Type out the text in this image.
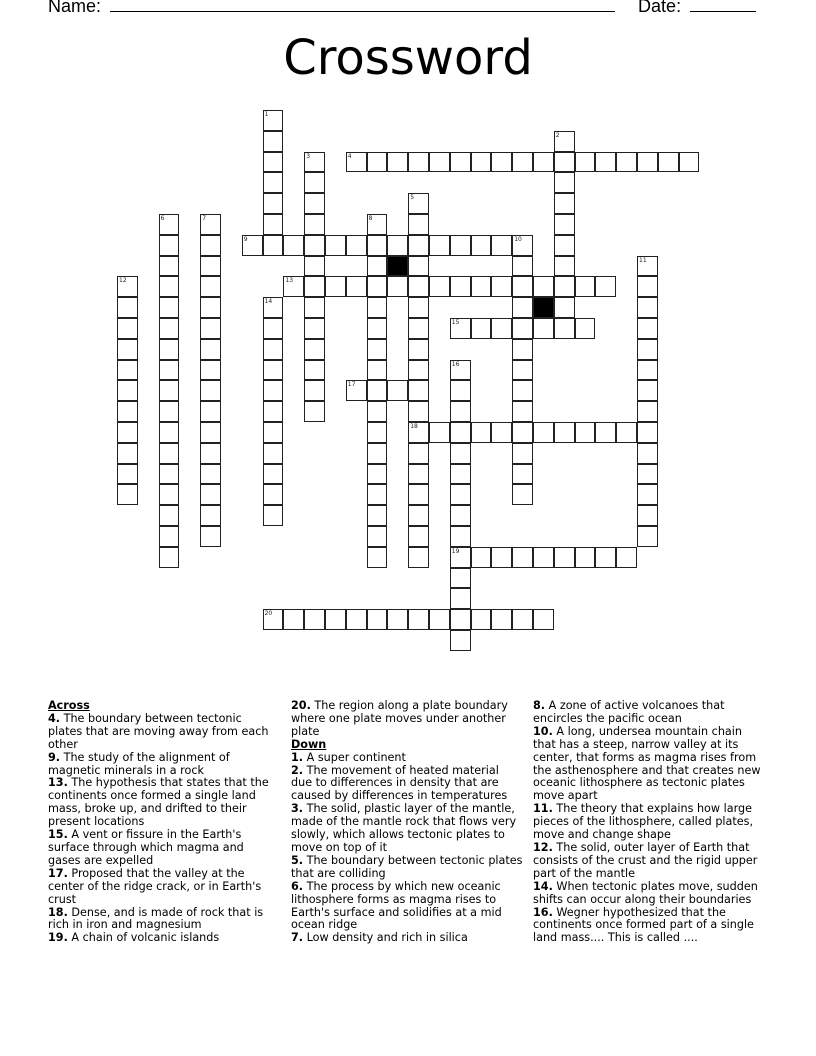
Name:	Date:
Crossword
1
2
3	4
5
18
6	7	8
9	10
11
12	13
14
15
16
19
17
20
Across
4. The boundary between tectonic plates that are moving away from each other
9. The study of the alignment of magnetic minerals in a rock
13. The hypothesis that states that the continents once formed a single land mass, broke up, and drifted to their present locations
15. A vent or fissure in the Earth's surface through which magma and gases are expelled
17. Proposed that the valley at the center of the ridge crack, or in Earth's crust
18. Dense, and is made of rock that is rich in iron and magnesium
19. A chain of volcanic islands
20. The region along a plate boundary where one plate moves under another plate
Down
1. A super continent
2. The movement of heated material due to differences in density that are caused by differences in temperatures
3. The solid, plastic layer of the mantle, made of the mantle rock that flows very slowly, which allows tectonic plates to move on top of it
5. The boundary between tectonic plates that are colliding
6. The process by which new oceanic lithosphere forms as magma rises to Earth's surface and solidifies at a mid ocean ridge
7. Low density and rich in silica
8. A zone of active volcanoes that encircles the pacific ocean
10. A long, undersea mountain chain that has a steep, narrow valley at its center, that forms as magma rises from the asthenosphere and that creates new oceanic lithosphere as tectonic plates move apart
11. The theory that explains how large pieces of the lithosphere, called plates, move and change shape
12. The solid, outer layer of Earth that consists of the crust and the rigid upper part of the mantle
14. When tectonic plates move, sudden shifts can occur along their boundaries
16. Wegner hypothesized that the continents once formed part of a single land mass.... This is called ....
